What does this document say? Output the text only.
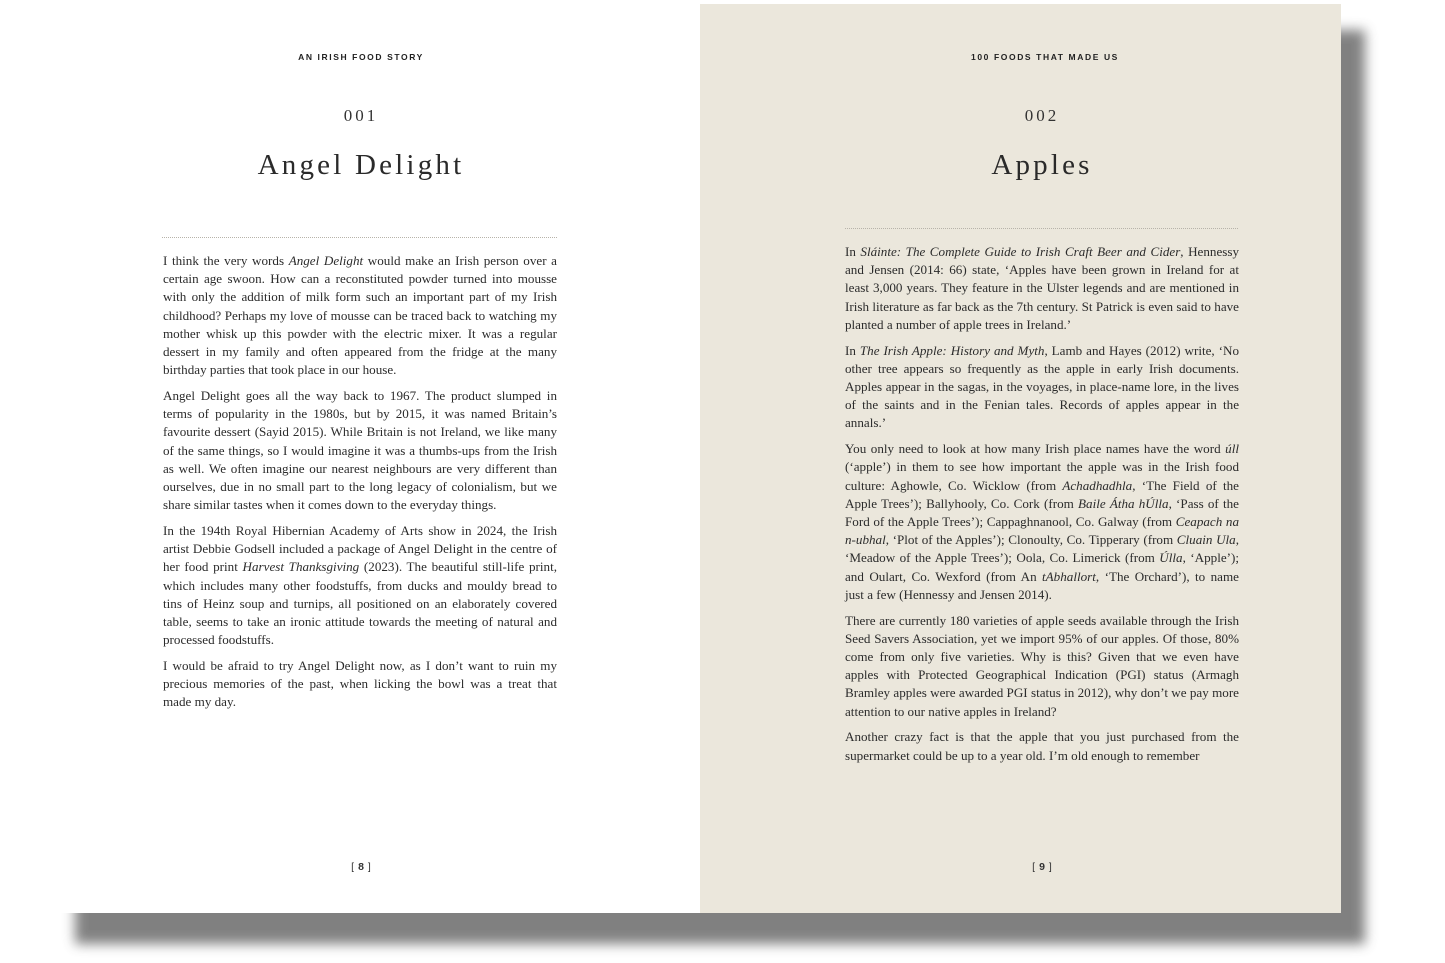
AN IRISH FOOD STORY
001
Angel Delight

I think the very words Angel Delight would make an Irish person over a certain age swoon. How can a reconstituted powder turned into mousse with only the addition of milk form such an important part of my Irish childhood? Perhaps my love of mousse can be traced back to watching my mother whisk up this powder with the electric mixer. It was a regular dessert in my family and often appeared from the fridge at the many birthday parties that took place in our house.

Angel Delight goes all the way back to 1967. The product slumped in terms of popularity in the 1980s, but by 2015, it was named Britain’s favourite dessert (Sayid 2015). While Britain is not Ireland, we like many of the same things, so I would imagine it was a thumbs-ups from the Irish as well. We often imagine our nearest neighbours are very different than ourselves, due in no small part to the long legacy of colonialism, but we share similar tastes when it comes down to the everyday things.

In the 194th Royal Hibernian Academy of Arts show in 2024, the Irish artist Debbie Godsell included a package of Angel Delight in the centre of her food print Harvest Thanksgiving (2023). The beautiful still-life print, which includes many other foodstuffs, from ducks and mouldy bread to tins of Heinz soup and turnips, all positioned on an elaborately covered table, seems to take an ironic attitude towards the meeting of natural and processed foodstuffs.

I would be afraid to try Angel Delight now, as I don’t want to ruin my precious memories of the past, when licking the bowl was a treat that made my day.

[ 8 ]
100 FOODS THAT MADE US
002
Apples

In Sláinte: The Complete Guide to Irish Craft Beer and Cider, Hennessy and Jensen (2014: 66) state, ‘Apples have been grown in Ireland for at least 3,000 years. They feature in the Ulster legends and are mentioned in Irish literature as far back as the 7th century. St Patrick is even said to have planted a number of apple trees in Ireland.’

In The Irish Apple: History and Myth, Lamb and Hayes (2012) write, ‘No other tree appears so frequently as the apple in early Irish documents. Apples appear in the sagas, in the voyages, in place-name lore, in the lives of the saints and in the Fenian tales. Records of apples appear in the annals.’

You only need to look at how many Irish place names have the word úll (‘apple’) in them to see how important the apple was in the Irish food culture: Aghowle, Co. Wicklow (from Achadhadhla, ‘The Field of the Apple Trees’); Ballyhooly, Co. Cork (from Baile Átha hÚlla, ‘Pass of the Ford of the Apple Trees’); Cappaghnanool, Co. Galway (from Ceapach na n-ubhal, ‘Plot of the Apples’); Clonoulty, Co. Tipperary (from Cluain Ula, ‘Meadow of the Apple Trees’); Oola, Co. Limerick (from Úlla, ‘Apple’); and Oulart, Co. Wexford (from An tAbhallort, ‘The Orchard’), to name just a few (Hennessy and Jensen 2014).

There are currently 180 varieties of apple seeds available through the Irish Seed Savers Association, yet we import 95% of our apples. Of those, 80% come from only five varieties. Why is this? Given that we even have apples with Protected Geographical Indication (PGI) status (Armagh Bramley apples were awarded PGI status in 2012), why don’t we pay more attention to our native apples in Ireland?

Another crazy fact is that the apple that you just purchased from the supermarket could be up to a year old. I’m old enough to remember

[ 9 ]
